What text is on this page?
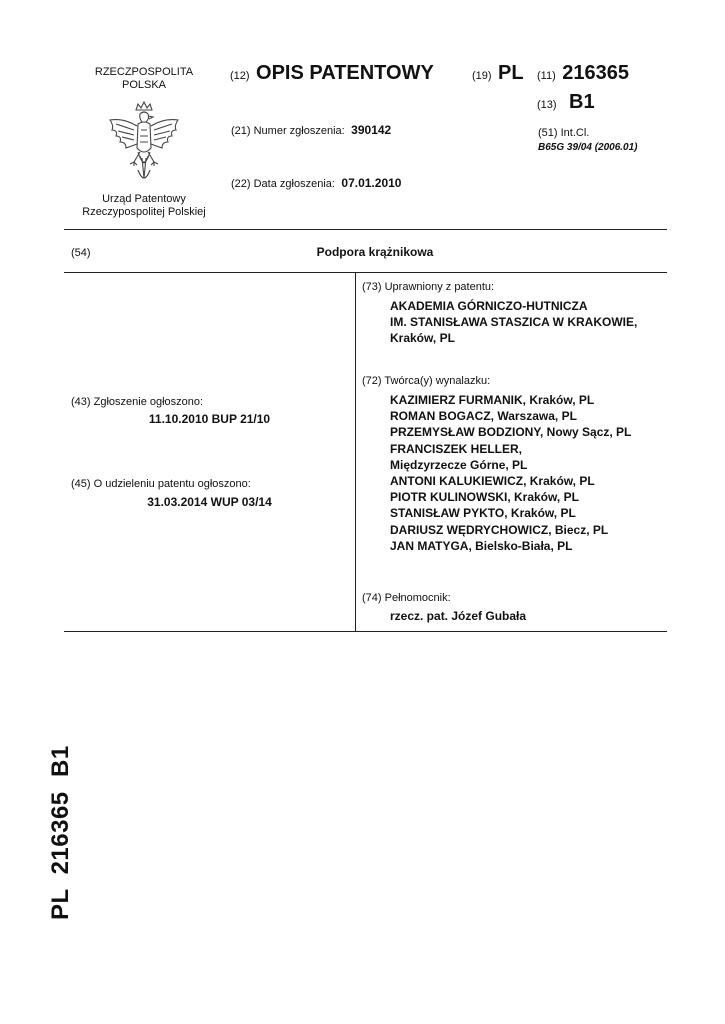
RZECZPOSPOLITA
POLSKA
Urząd Patentowy
Rzeczypospolitej Polskiej
(12) OPIS PATENTOWY	(19) PL (11) 216365
(13) B1
(21) Numer zgłoszenia: 390142	(51) Int.Cl.
B65G 39/04 (2006.01)
(22) Data zgłoszenia: 07.01.2010
(54)	Podpora krążnikowa
(43) Zgłoszenie ogłoszono:
11.10.2010 BUP 21/10
(45) O udzieleniu patentu ogłoszono:
31.03.2014 WUP 03/14
(73) Uprawniony z patentu:
AKADEMIA GÓRNICZO-HUTNICZA
IM. STANISŁAWA STASZICA W KRAKOWIE,
Kraków, PL
(72) Twórca(y) wynalazku:
KAZIMIERZ FURMANIK, Kraków, PL
ROMAN BOGACZ, Warszawa, PL
PRZEMYSŁAW BODZIONY, Nowy Sącz, PL
FRANCISZEK HELLER,
Międzyrzecze Górne, PL
ANTONI KALUKIEWICZ, Kraków, PL
PIOTR KULINOWSKI, Kraków, PL
STANISŁAW PYKTO, Kraków, PL
DARIUSZ WĘDRYCHOWICZ, Biecz, PL
JAN MATYGA, Bielsko-Biała, PL
(74) Pełnomocnik:
rzecz. pat. Józef Gubała
PL  216365  B1
